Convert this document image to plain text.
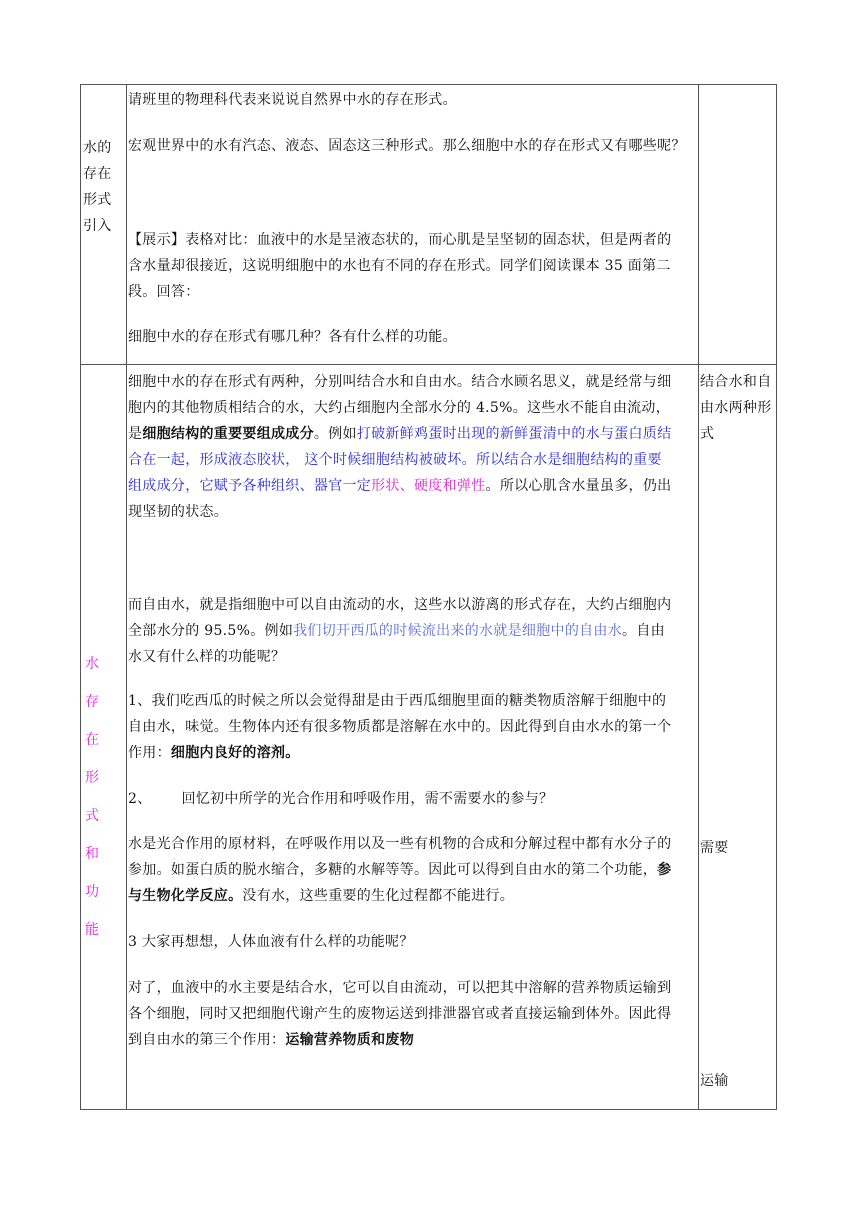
水的
存在
形式
引入
请班里的物理科代表来说说自然界中水的存在形式。
宏观世界中的水有汽态、液态、固态这三种形式。那么细胞中水的存在形式又有哪些呢？

【展示】表格对比：血液中的水是呈液态状的，而心肌是呈坚韧的固态状，但是两者的

含水量却很接近，这说明细胞中的水也有不同的存在形式。同学们阅读课本 35 面第二

段。回答：

细胞中水的存在形式有哪几种？各有什么样的功能。
水
存
在
形
式
和
功
能

结合水和自

由水两种形

式

需要
运输

细胞中水的存在形式有两种，分别叫结合水和自由水。结合水顾名思义，就是经常与细

胞内的其他物质相结合的水，大约占细胞内全部水分的 4.5%。这些水不能自由流动，

是细胞结构的重要要组成成分。例如打破新鲜鸡蛋时出现的新鲜蛋清中的水与蛋白质结

合在一起，形成液态胶状， 这个时候细胞结构被破坏。所以结合水是细胞结构的重要

组成成分，它赋予各种组织、器官一定形状、硬度和弹性。所以心肌含水量虽多，仍出

现坚韧的状态。

而自由水，就是指细胞中可以自由流动的水，这些水以游离的形式存在，大约占细胞内

全部水分的 95.5%。例如我们切开西瓜的时候流出来的水就是细胞中的自由水。自由

水又有什么样的功能呢？

1、我们吃西瓜的时候之所以会觉得甜是由于西瓜细胞里面的糖类物质溶解于细胞中的

自由水，味觉。生物体内还有很多物质都是溶解在水中的。因此得到自由水水的第一个

作用：细胞内良好的溶剂。

2、 回忆初中所学的光合作用和呼吸作用，需不需要水的参与？

水是光合作用的原材料，在呼吸作用以及一些有机物的合成和分解过程中都有水分子的

参加。如蛋白质的脱水缩合，多糖的水解等等。因此可以得到自由水的第二个功能，参

与生物化学反应。没有水，这些重要的生化过程都不能进行。

3 大家再想想，人体血液有什么样的功能呢？

对了，血液中的水主要是结合水，它可以自由流动，可以把其中溶解的营养物质运输到

各个细胞，同时又把细胞代谢产生的废物运送到排泄器官或者直接运输到体外。因此得

到自由水的第三个作用：运输营养物质和废物
